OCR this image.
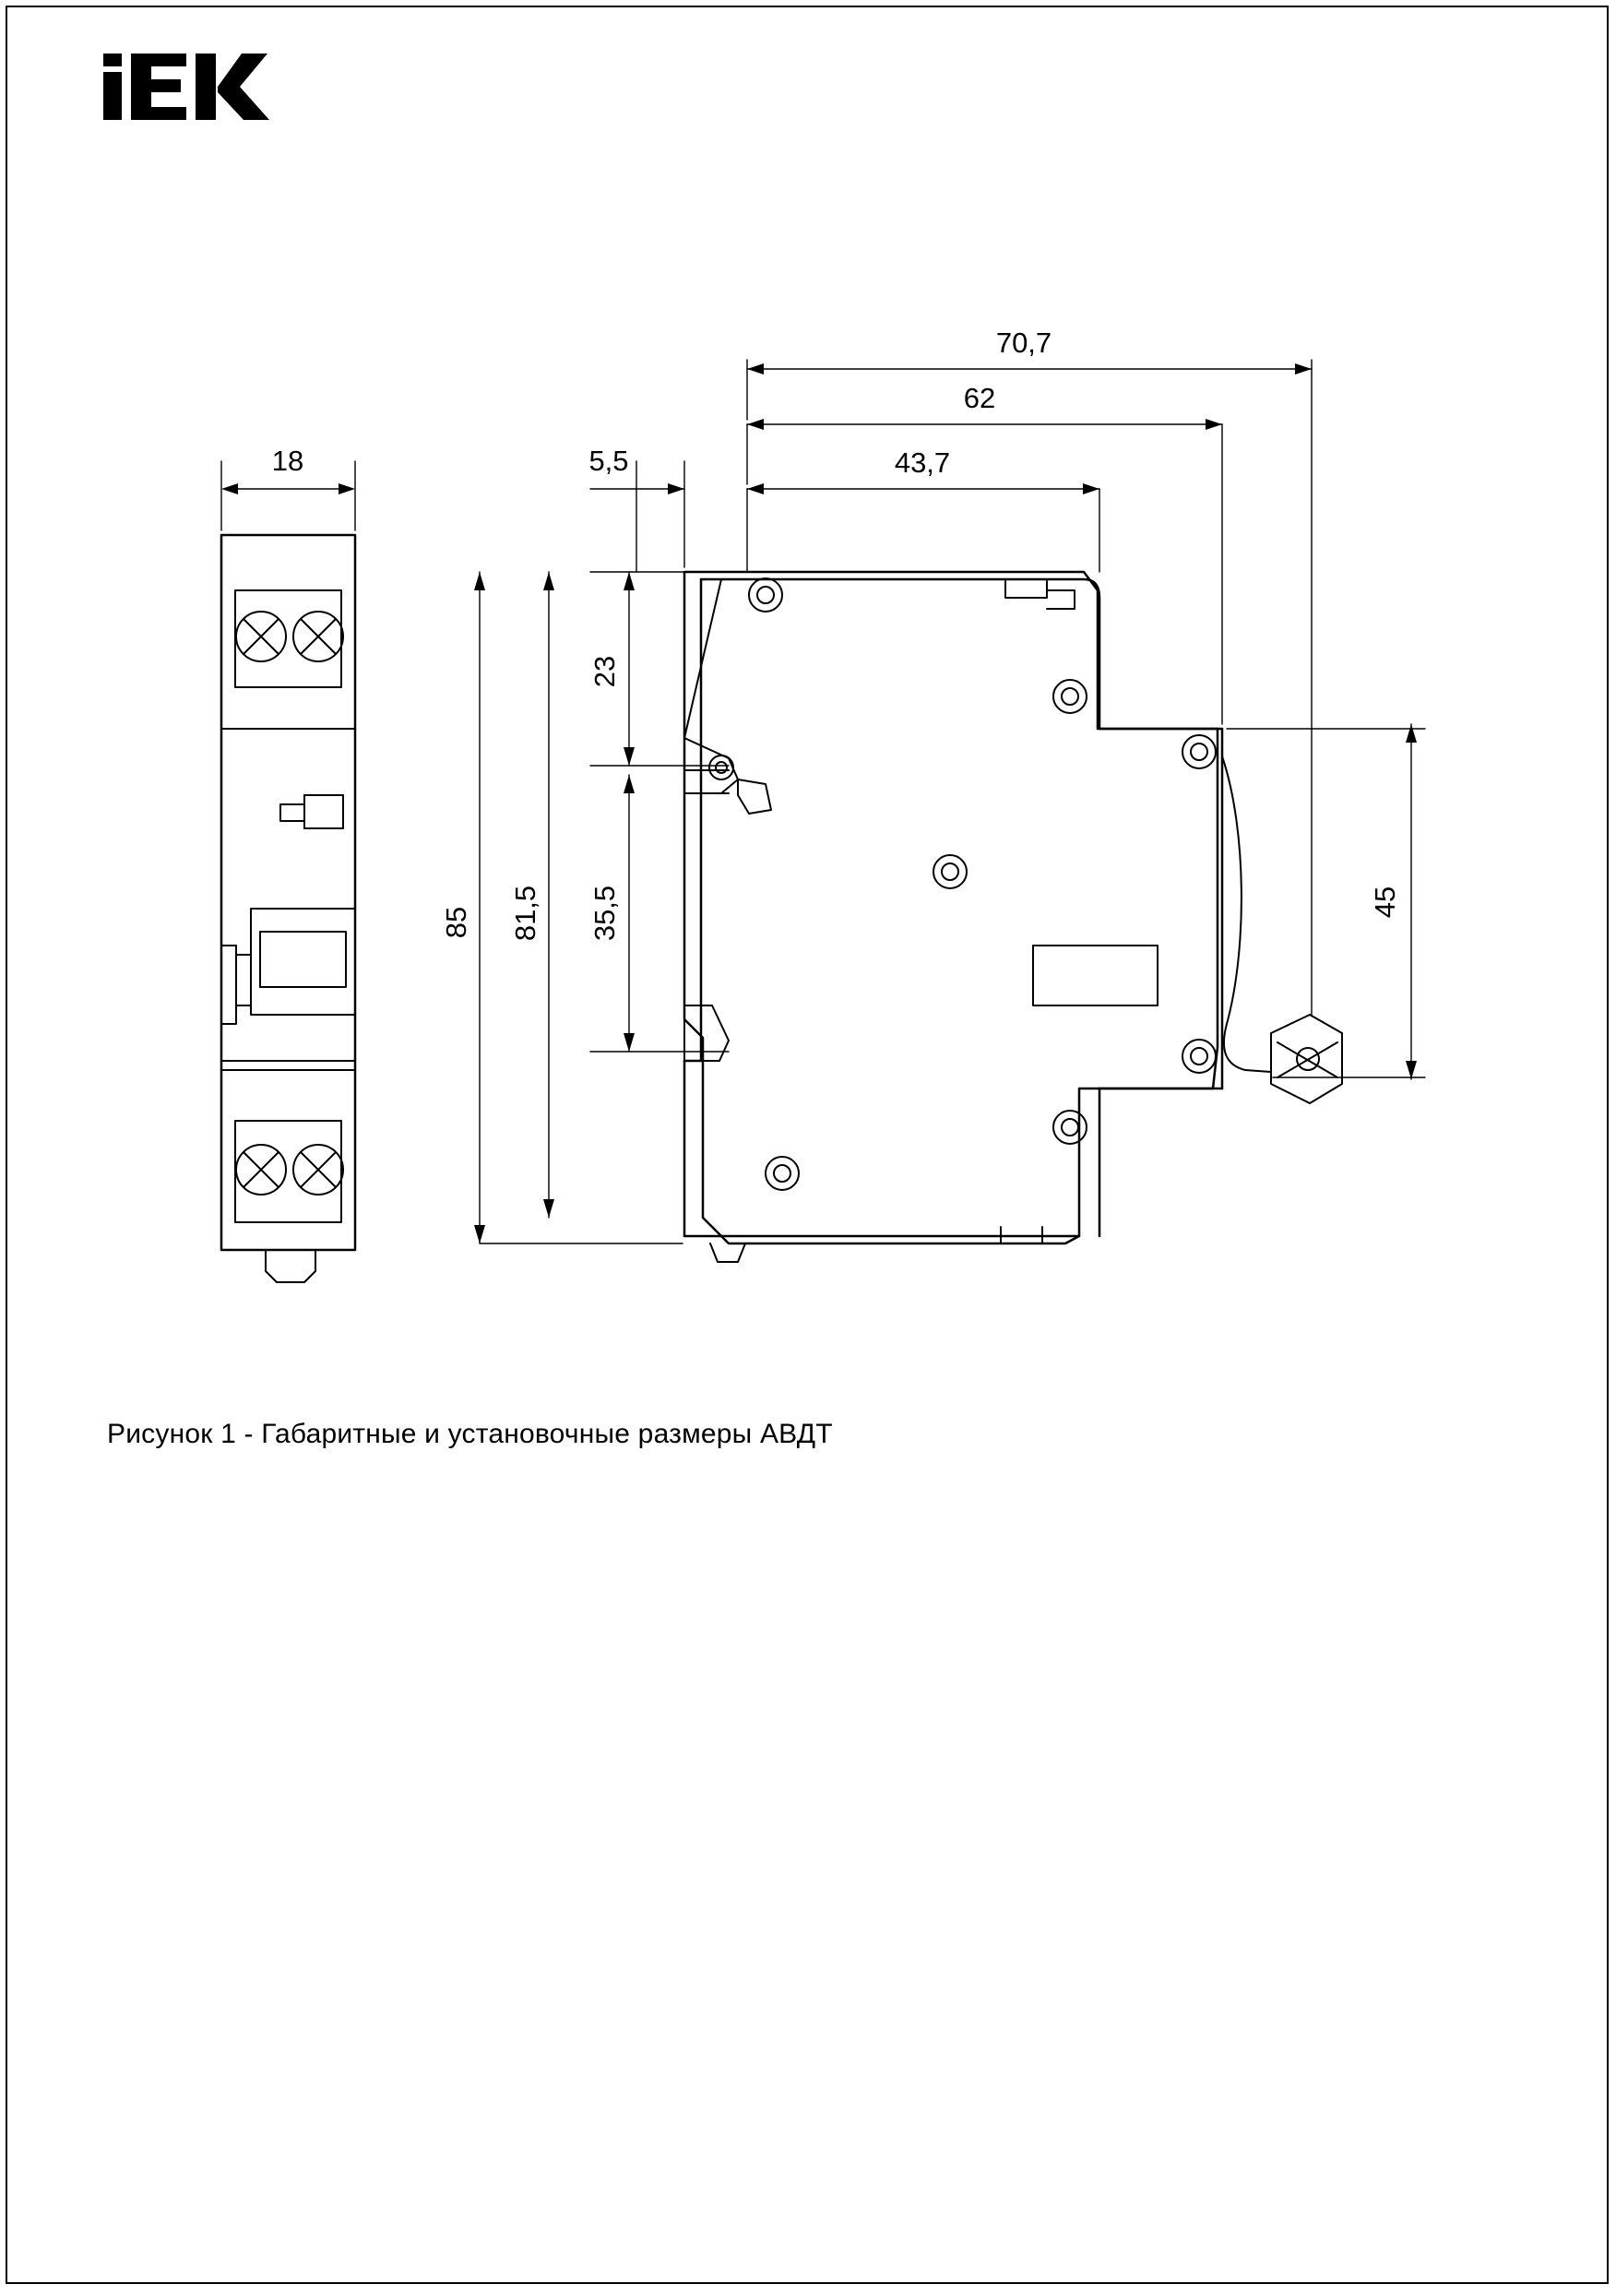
18	5,5	43,7
62
70,7
85 81,5
23
35,5	45
Рисунок 1 - Габаритные и установочные размеры АВДТ
